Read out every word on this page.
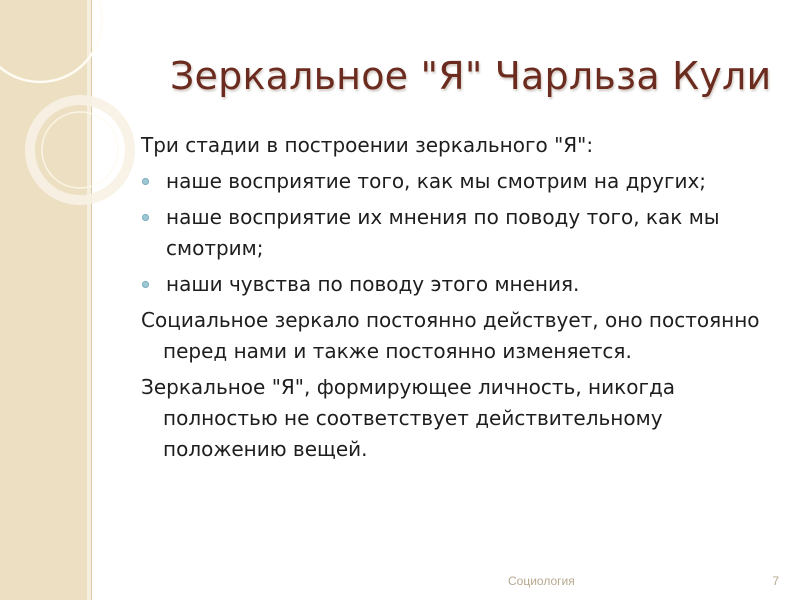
Зеркальное "Я" Чарльза Кули

Три стадии в построении зеркального "Я":

наше восприятие того, как мы смотрим на других;
наше восприятие их мнения по поводу того, как мы смотрим;
наши чувства по поводу этого мнения.

Социальное зеркало постоянно действует, оно постоянно перед нами и также постоянно изменяется.

Зеркальное "Я", формирующее личность, никогда полностью не соответствует действительному положению вещей.

Социология	7
